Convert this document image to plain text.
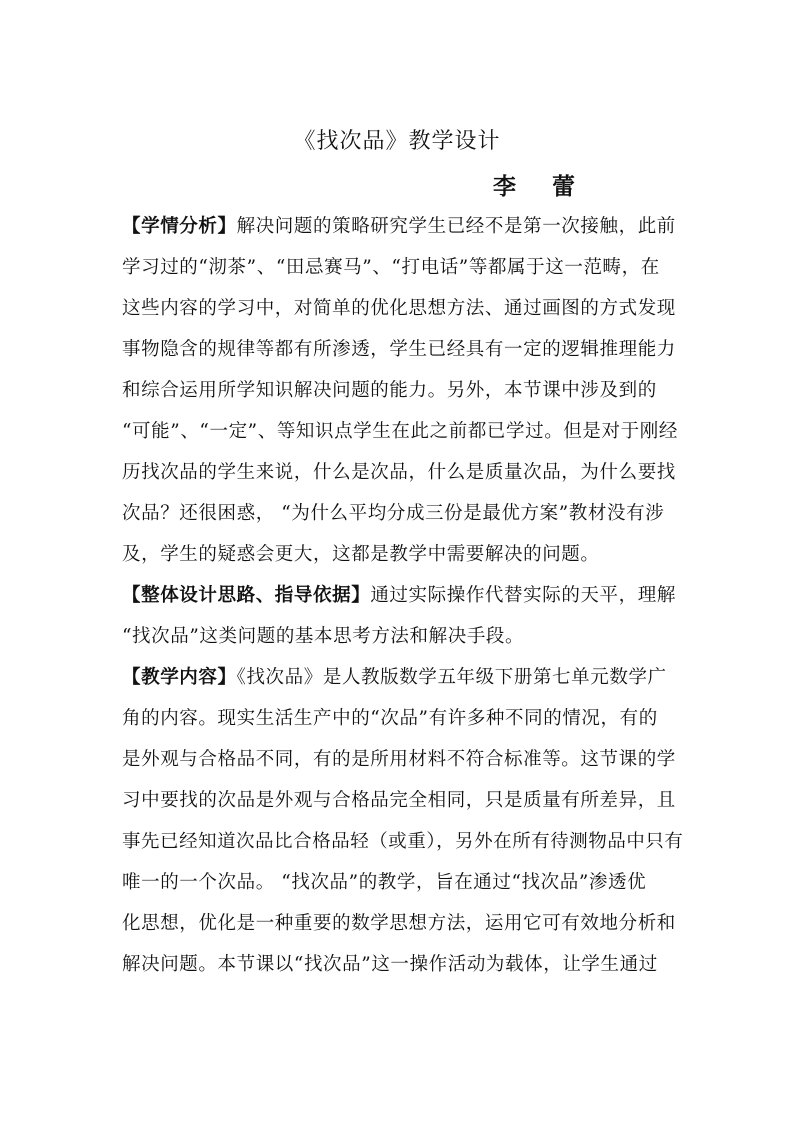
《找次品》教学设计
李 蕾
【学情分析】解决问题的策略研究学生已经不是第一次接触，此前
学习过的“沏茶”、“田忌赛马”、“打电话”等都属于这一范畴，在
这些内容的学习中，对简单的优化思想方法、通过画图的方式发现
事物隐含的规律等都有所渗透，学生已经具有一定的逻辑推理能力
和综合运用所学知识解决问题的能力。另外，本节课中涉及到的
“可能”、“一定”、等知识点学生在此之前都已学过。但是对于刚经
历找次品的学生来说，什么是次品，什么是质量次品，为什么要找
次品？还很困惑， “为什么平均分成三份是最优方案”教材没有涉
及，学生的疑惑会更大，这都是教学中需要解决的问题。
【整体设计思路、指导依据】通过实际操作代替实际的天平，理解
“找次品”这类问题的基本思考方法和解决手段。
【教学内容】《找次品》是人教版数学五年级下册第七单元数学广
角的内容。现实生活生产中的“次品”有许多种不同的情况，有的
是外观与合格品不同，有的是所用材料不符合标准等。这节课的学
习中要找的次品是外观与合格品完全相同，只是质量有所差异，且
事先已经知道次品比合格品轻（或重），另外在所有待测物品中只有
唯一的一个次品。 “找次品”的教学，旨在通过“找次品”渗透优
化思想，优化是一种重要的数学思想方法，运用它可有效地分析和
解决问题。本节课以“找次品”这一操作活动为载体，让学生通过
